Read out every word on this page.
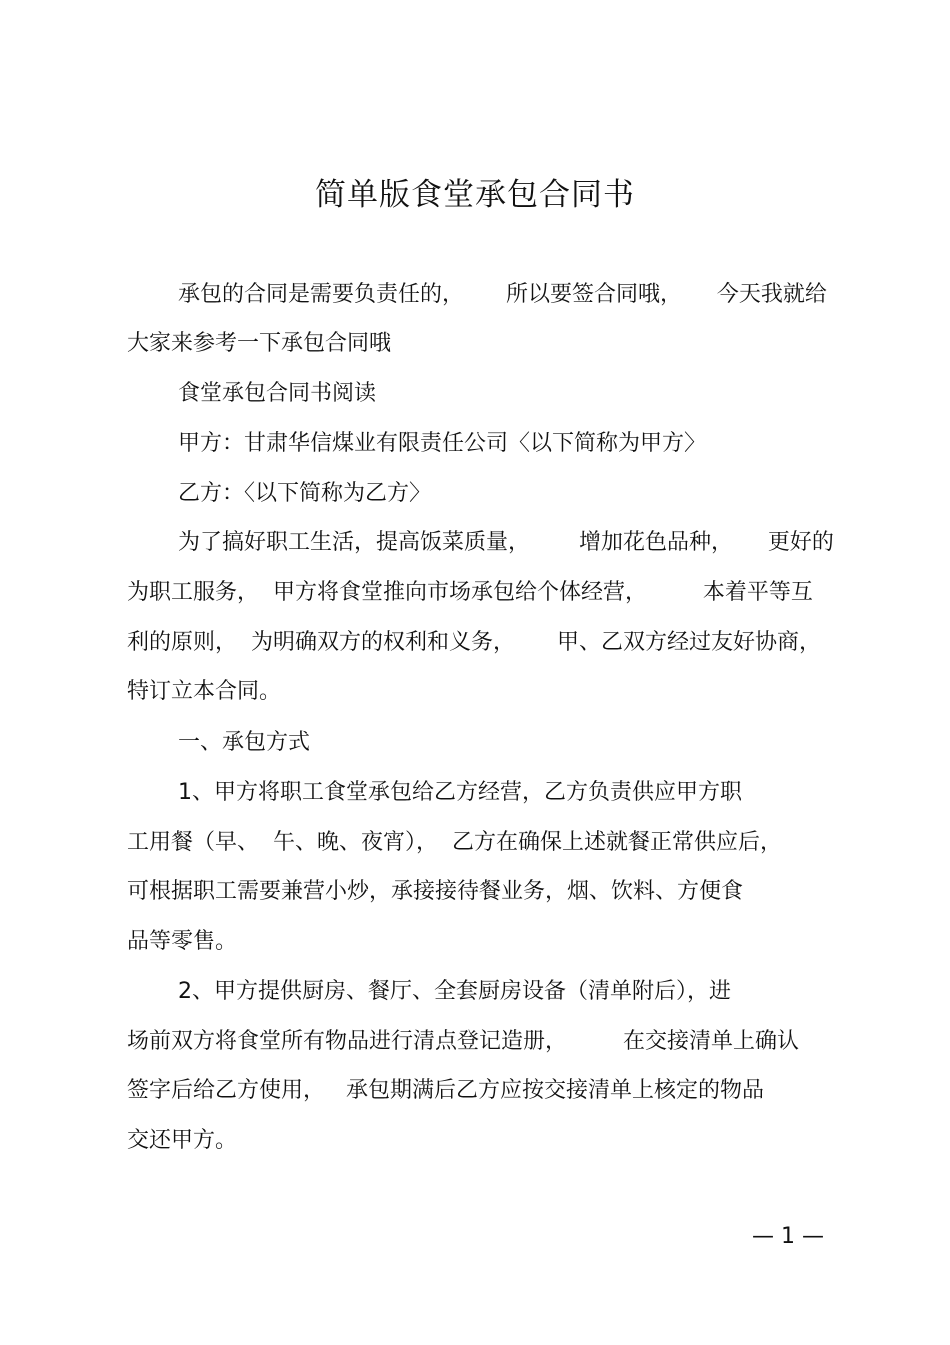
简单版食堂承包合同书
承包的合同是需要负责任的，      所以要签合同哦，     今天我就给
大家来参考一下承包合同哦
食堂承包合同书阅读
甲方：甘肃华信煤业有限责任公司〈以下简称为甲方〉
乙方：〈以下简称为乙方〉
为了搞好职工生活，提高饭菜质量，       增加花色品种，     更好的
为职工服务，  甲方将食堂推向市场承包给个体经营，        本着平等互
利的原则，  为明确双方的权利和义务，      甲、乙双方经过友好协商，
特订立本合同。
一、承包方式
1、甲方将职工食堂承包给乙方经营，乙方负责供应甲方职
工用餐（早、  午、晚、夜宵），  乙方在确保上述就餐正常供应后，
可根据职工需要兼营小炒，承接接待餐业务，烟、饮料、方便食
品等零售。
2、甲方提供厨房、餐厅、全套厨房设备（清单附后），进
场前双方将食堂所有物品进行清点登记造册，        在交接清单上确认
签字后给乙方使用，   承包期满后乙方应按交接清单上核定的物品
交还甲方。
— 1 —
